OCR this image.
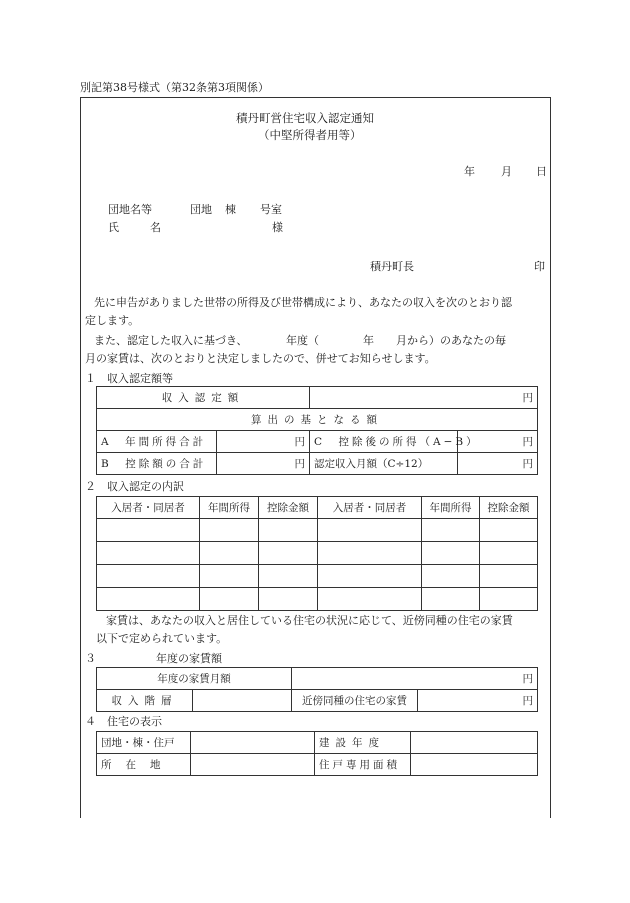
別記第38号様式（第32条第3項関係）
積丹町営住宅収入認定通知
（中堅所得者用等）
年 月 日
団地名等	団地 棟 号室
氏　名	様
積丹町長	印
先に申告がありました世帯の所得及び世帯構成により、あなたの収入を次のとおり認
定します。
また、認定した収入に基づき、　　　　年度（　　　　年　　月から）のあなたの毎
月の家賃は、次のとおりと決定しましたので、併せてお知らせします。
１　収入認定額等
収入認定額		円	
算出の基となる額			
A　年間所得合計	円	C　控除後の所得（A−B）	円
B　控除額の合計	円	認定収入月額（C÷12）	円
２　収入認定の内訳
入居者・同居者	年間所得	控除金額	入居者・同居者	年間所得	控除金額

家賃は、あなたの収入と居住している住宅の状況に応じて、近傍同種の住宅の家賃
以下で定められています。
３	年度の家賃額
年度の家賃月額		円	
収入階層		近傍同種の住宅の家賃	円
４　住宅の表示
団地・棟・住戸		建設年度	
所在地		住戸専用面積	
